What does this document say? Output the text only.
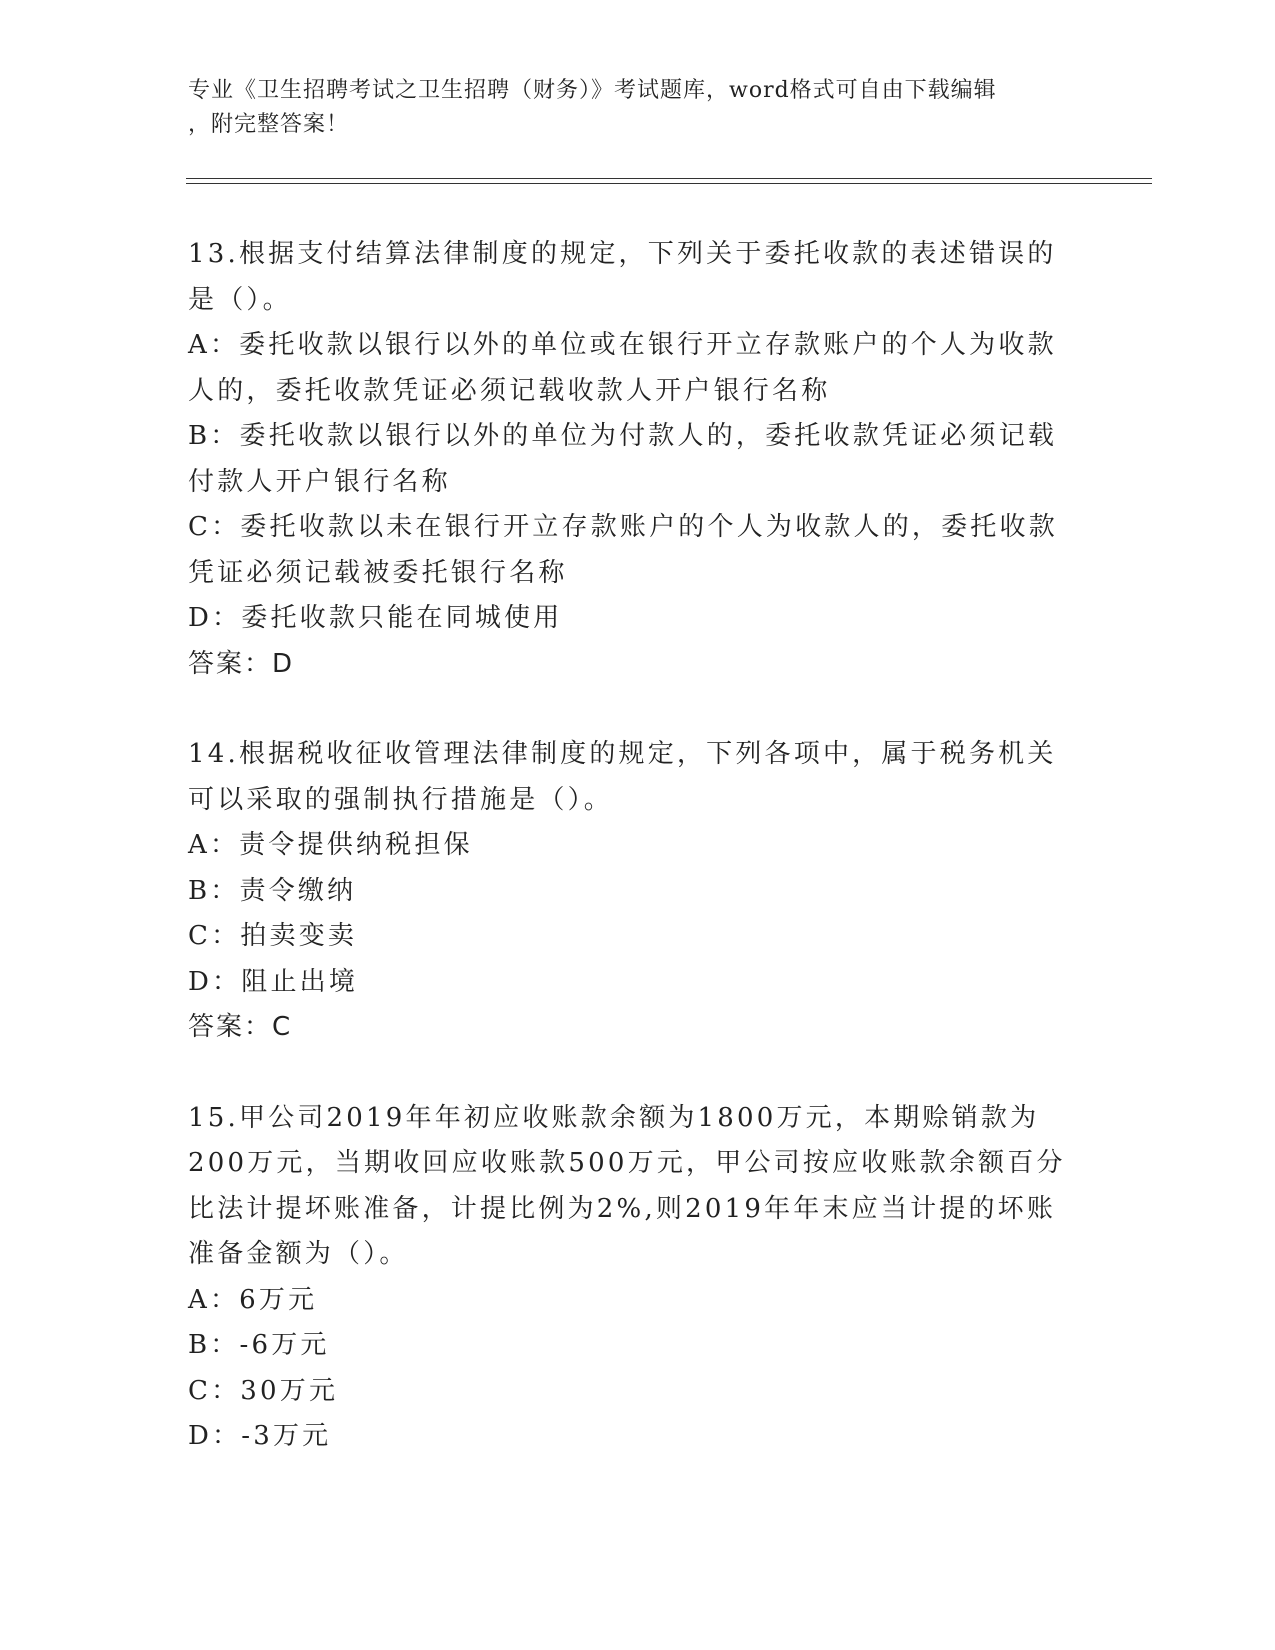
专业《卫生招聘考试之卫生招聘（财务）》考试题库，word格式可自由下载编辑
，附完整答案！

13.根据支付结算法律制度的规定，下列关于委托收款的表述错误的是（）。

A：委托收款以银行以外的单位或在银行开立存款账户的个人为收款人的，委托收款凭证必须记载收款人开户银行名称

B：委托收款以银行以外的单位为付款人的，委托收款凭证必须记载付款人开户银行名称

C：委托收款以未在银行开立存款账户的个人为收款人的，委托收款凭证必须记载被委托银行名称

D：委托收款只能在同城使用

答案：D

14.根据税收征收管理法律制度的规定，下列各项中，属于税务机关可以采取的强制执行措施是（）。

A：责令提供纳税担保

B：责令缴纳

C：拍卖变卖

D：阻止出境

答案：C

15.甲公司2019年年初应收账款余额为1800万元，本期赊销款为200万元，当期收回应收账款500万元，甲公司按应收账款余额百分比法计提坏账准备，计提比例为2%,则2019年年末应当计提的坏账准备金额为（）。

A：6万元

B：-6万元

C：30万元

D：-3万元
